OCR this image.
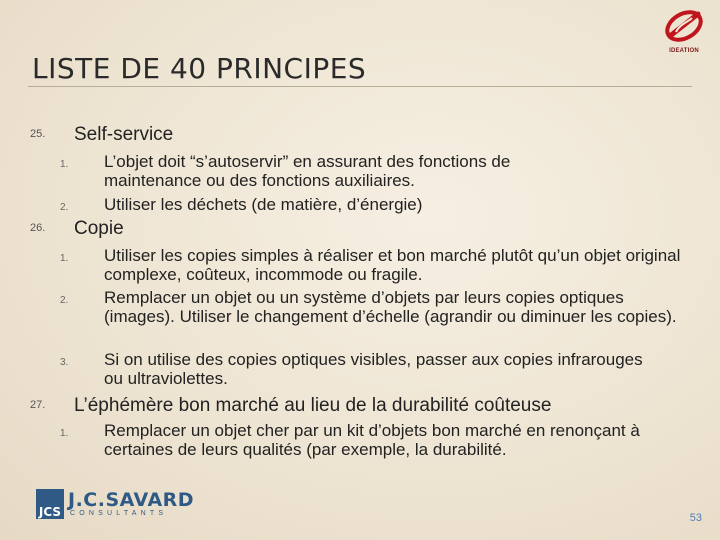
IDEATION
LISTE DE 40 PRINCIPES
25. Self-service
1. L’objet doit “s’autoservir” en assurant des fonctions de maintenance ou des fonctions auxiliaires.
2. Utiliser les déchets (de matière, d’énergie)
26. Copie
1. Utiliser les copies simples à réaliser et bon marché plutôt qu’un objet original complexe, coûteux, incommode ou fragile.
2. Remplacer un objet ou un système d’objets par leurs copies optiques (images). Utiliser le changement d’échelle (agrandir ou diminuer les copies).
3. Si on utilise des copies optiques visibles, passer aux copies infrarouges ou ultraviolettes.
27. L’éphémère bon marché au lieu de la durabilité coûteuse
1. Remplacer un objet cher par un kit d’objets bon marché en renonçant à certaines de leurs qualités (par exemple, la durabilité.
JCS
J.C.SAVARD
CONSULTANTS	53
